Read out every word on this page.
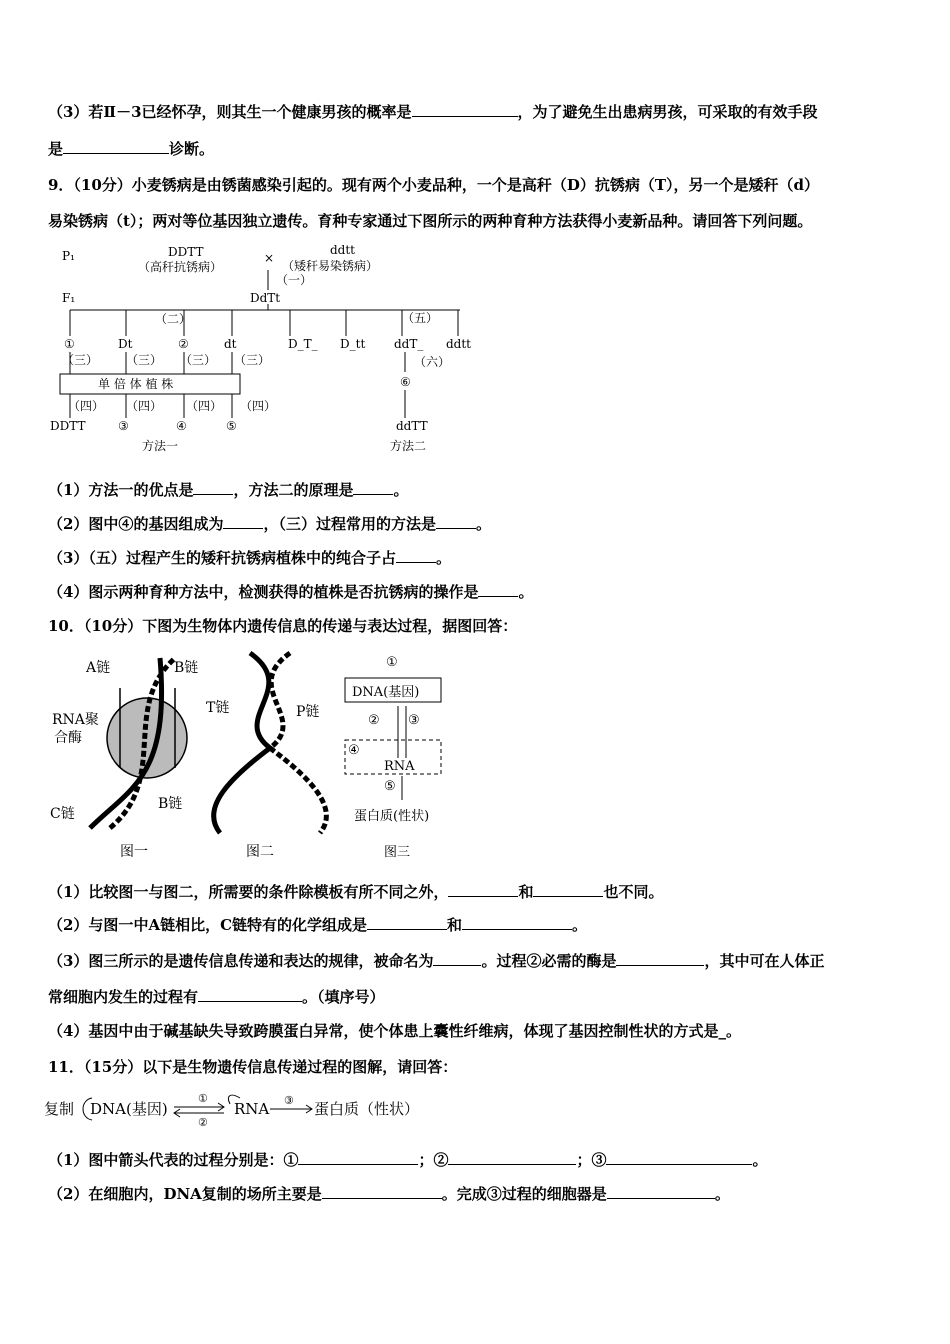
（3）若Ⅱ－3已经怀孕，则其生一个健康男孩的概率是	，为了避免生出患病男孩，可采取的有效手段
是	诊断。
9．（10分）小麦锈病是由锈菌感染引起的。现有两个小麦品种，一个是高秆（D）抗锈病（T），另一个是矮秆（d）
易染锈病（t）；两对等位基因独立遗传。育种专家通过下图所示的两种育种方法获得小麦新品种。请回答下列问题。
P₁
F₁
DDTT
（高秆抗锈病）
×
ddtt
（矮秆易染锈病）
（一）
DdTt
（二）	（五）
①	Dt	②	dt
（三） （三） （三） （三）
单 倍 体 植 株
（四） （四） （四） （四）
DDTT	③	④	⑤
方法一
D_T_ D_tt ddT_ ddtt
（六）
⑥
ddTT
方法二
（1）方法一的优点是	，方法二的原理是	。
（2）图中④的基因组成为	，（三）过程常用的方法是	。
（3）（五）过程产生的矮秆抗锈病植株中的纯合子占	。
（4）图示两种育种方法中，检测获得的植株是否抗锈病的操作是	。
10．（10分）下图为生物体内遗传信息的传递与表达过程，据图回答：
A链	B链
RNA聚
合酶
C链
B链
图一
T链	P链
图二
①
DNA(基因)
② ③
④
RNA
⑤
蛋白质(性状)
图三
（1）比较图一与图二，所需要的条件除模板有所不同之外，	和	也不同。
（2）与图一中A链相比，C链特有的化学组成是	和	。
（3）图三所示的是遗传信息传递和表达的规律，被命名为	。过程②必需的酶是	，其中可在人体正
常细胞内发生的过程有	。（填序号）
（4）基因中由于碱基缺失导致跨膜蛋白异常，使个体患上囊性纤维病，体现了基因控制性状的方式是_。
11．（15分）以下是生物遗传信息传递过程的图解，请回答：
复制 DNA(基因)
①
②
RNA ③ 蛋白质（性状）
（1）图中箭头代表的过程分别是：①	；②	；③	。
（2）在细胞内，DNA复制的场所主要是	。完成③过程的细胞器是	。
